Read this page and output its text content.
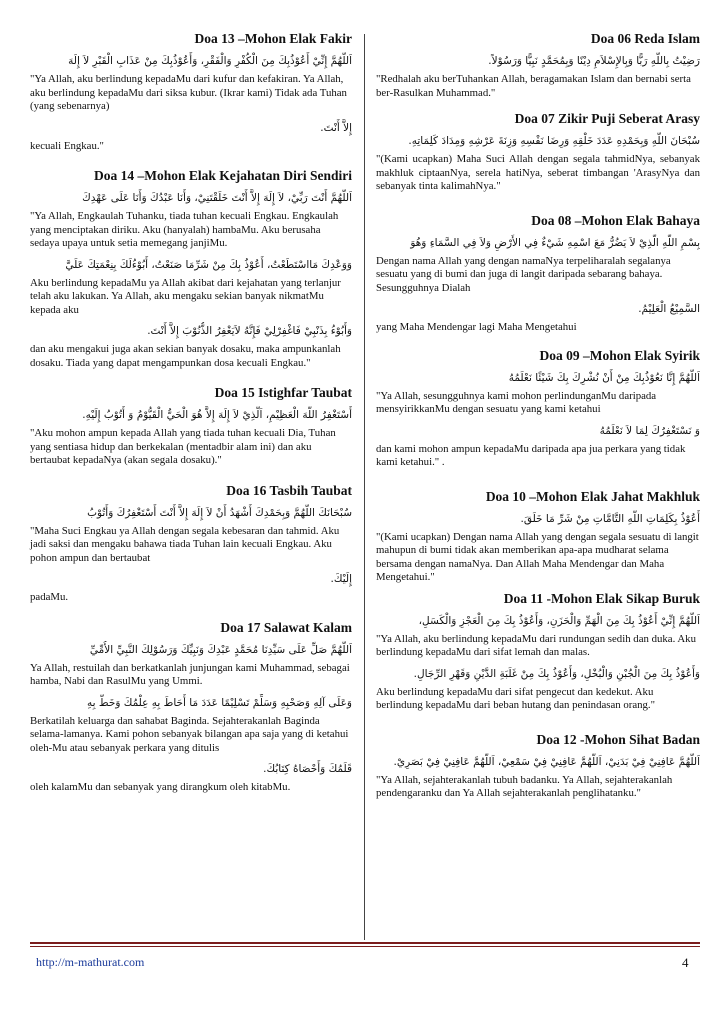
Doa 13 –Mohon Elak Fakir
اَللَّهُمَّ إِنِّيْ أَعُوْذُبِكَ مِنَ الْكُفْرِ وَالْفَقْرِ، وَأَعُوْذُبِكَ مِنْ عَذَابِ الْقَبْرِ لاَ إِلَهَ
"Ya Allah, aku berlindung kepadaMu dari kufur dan kefakiran. Ya Allah, aku berlindung kepadaMu dari siksa kubur. (Ikrar kami) Tidak ada Tuhan (yang sebenarnya)
إِلاَّ أَنْتَ.
kecuali Engkau."
Doa 14 –Mohon Elak Kejahatan Diri Sendiri
اَللَّهُمَّ أَنْتَ رَبِّيْ، لاَ إِلَهَ إِلاَّ أَنْتَ خَلَقْتَنِيْ، وَأَنَا عَبْدُكَ وَأَنَا عَلَى عَهْدِكَ
"Ya Allah, Engkaulah Tuhanku, tiada tuhan kecuali Engkau. Engkaulah yang menciptakan diriku. Aku (hanyalah) hambaMu. Aku berusaha sedaya upaya untuk setia memegang janjiMu.
وَوَعْدِكَ مَااسْتَطَعْتُ، أَعُوْذُ بِكَ مِنْ شَرِّمَا صَنَعْتُ، أَبُوْءُلَكَ بِنِعْمَتِكَ عَلَيَّ
Aku berlindung kepadaMu ya Allah akibat dari kejahatan yang terlanjur telah aku lakukan. Ya Allah, aku mengaku sekian banyak nikmatMu kepada aku
وَأَبُوْءُ بِذَنْبِيْ فَاغْفِرْلِيْ فَإِنَّهُ لاَيَغْفِرُ الذُّنُوْبَ إِلاَّ أَنْتَ.
dan aku mengakui juga akan sekian banyak dosaku, maka ampunkanlah dosaku. Tiada yang dapat mengampunkan dosa kecuali Engkau."
Doa 15 Istighfar Taubat
أَسْتَغْفِرُ اللَّهَ الْعَظِيْمِ، اَلَّذِيْ لاَ إِلَهَ إِلاَّ هُوَ الْحَيُّ الْقَيُّوْمُ وَ أَتُوْبُ إِلَيْهِ.
"Aku mohon ampun kepada Allah yang tiada tuhan kecuali Dia, Tuhan yang sentiasa hidup dan berkekalan (mentadbir alam ini) dan aku bertaubat kepadaNya (akan segala dosaku)."
Doa 16 Tasbih Taubat
سُبْحَانَكَ اللَّهُمَّ وَبِحَمْدِكَ أَشْهَدُ أَنْ لاَ إِلَهَ إِلاَّ أَنْتَ أَسْتَغْفِرُكَ وَأَتُوْبُ
"Maha Suci Engkau ya Allah dengan segala kebesaran dan tahmid. Aku jadi saksi dan mengaku bahawa tiada Tuhan lain kecuali Engkau. Aku pohon ampun dan bertaubat
إِلَيْكَ.
padaMu.
Doa 17 Salawat Kalam
اَللَّهُمَّ صَلِّ عَلَى سَيِّدِنَا مُحَمَّدٍ عَبْدِكَ وَنَبِيِّكَ وَرَسُوْلِكَ النَّبِيِّ الأُمِّيِّ
Ya Allah, restuilah dan berkatkanlah junjungan kami Muhammad, sebagai hamba, Nabi dan RasulMu yang Ummi.
وَعَلَى آلِهِ وَصَحْبِهِ وَسَلِّمْ تَسْلِيْمًا عَدَدَ مَا أَحَاطَ بِهِ عِلْمُكَ وَخَطَّ بِهِ
Berkatilah keluarga dan sahabat Baginda. Sejahterakanlah Baginda selama-lamanya. Kami pohon sebanyak bilangan apa saja yang di ketahui oleh-Mu atau sebanyak perkara yang ditulis
قَلَمُكَ وَأَحْصَاهُ كِتَابُكَ.
oleh kalamMu dan sebanyak yang dirangkum oleh kitabMu.
Doa 06 Reda Islam
رَضِيْتُ بِاللَّهِ رَبًّا وَبِالإِسْلاَمِ دِيْنًا وَبِمُحَمَّدٍ نَبِيًّا وَرَسُوْلاً.
"Redhalah aku berTuhankan Allah, beragamakan Islam dan bernabi serta ber-Rasulkan Muhammad."
Doa 07 Zikir Puji Seberat Arasy
سُبْحَانَ اللَّهِ وَبِحَمْدِهِ عَدَدَ خَلْقِهِ وَرِضَا نَفْسِهِ وَزِنَةَ عَرْشِهِ وَمِدَادَ كَلِمَاتِهِ.
"(Kami ucapkan) Maha Suci Allah dengan segala tahmidNya, sebanyak makhluk ciptaanNya, serela hatiNya, seberat timbangan 'ArasyNya dan sebanyak tinta kalimahNya."
Doa 08 –Mohon Elak Bahaya
بِسْمِ اللَّهِ الَّذِيْ لاَ يَضُرُّ مَعَ اسْمِهِ شَيْءٌ فِي الأَرْضِ وَلاَ فِي السَّمَاءِ وَهُوَ
Dengan nama Allah yang dengan namaNya terpeliharalah segalanya sesuatu yang di bumi dan juga di langit daripada sebarang bahaya. Sesungguhnya Dialah
السَّمِيْعُ الْعَلِيْمُ.
yang Maha Mendengar lagi Maha Mengetahui
Doa 09 –Mohon Elak Syirik
اَللَّهُمَّ إِنَّا نَعُوْذُبِكَ مِنْ أَنْ نُشْرِكَ بِكَ شَيْئًا نَعْلَمُهُ
"Ya Allah, sesungguhnya kami mohon perlindunganMu daripada mensyirikkanMu dengan sesuatu yang kami ketahui
وَ نَسْتَغْفِرُكَ لِمَا لاَ نَعْلَمُهُ
dan kami mohon ampun kepadaMu daripada apa jua perkara yang tidak kami ketahui." .
Doa 10 –Mohon Elak Jahat Makhluk
أَعُوْذُ بِكَلِمَاتِ اللَّهِ التَّامَّاتِ مِنْ شَرِّ مَا خَلَقَ.
"(Kami ucapkan) Dengan nama Allah yang dengan segala sesuatu di langit mahupun di bumi tidak akan memberikan apa-apa mudharat selama bersama dengan namaNya. Dan Allah Maha Mendengar dan Maha Mengetahui."
Doa 11 -Mohon Elak Sikap Buruk
اَللَّهُمَّ إِنِّيْ أَعُوْذُ بِكَ مِنَ الْهَمِّ وَالْحَزَنِ، وَأَعُوْذُ بِكَ مِنَ الْعَجْزِ وَالْكَسَلِ،
"Ya Allah, aku berlindung kepadaMu dari rundungan sedih dan duka. Aku berlindung kepadaMu dari sifat lemah dan malas.
وَأَعُوْذُ بِكَ مِنَ الْجُبْنِ وَالْبُخْلِ، وَأَعُوْذُ بِكَ مِنْ غَلَبَةِ الدَّيْنِ وَقَهْرِ الرِّجَالِ.
Aku berlindung kepadaMu dari sifat pengecut dan kedekut. Aku berlindung kepadaMu dari beban hutang dan penindasan orang."
Doa 12 -Mohon Sihat Badan
اَللَّهُمَّ عَافِنِيْ فِيْ بَدَنِيْ، اَللَّهُمَّ عَافِنِيْ فِيْ سَمْعِيْ، اَللَّهُمَّ عَافِنِيْ فِيْ بَصَرِيْ.
"Ya Allah, sejahterakanlah tubuh badanku. Ya Allah, sejahterakanlah pendengaranku dan Ya Allah sejahterakanlah penglihatanku."
http://m-mathurat.com	4
